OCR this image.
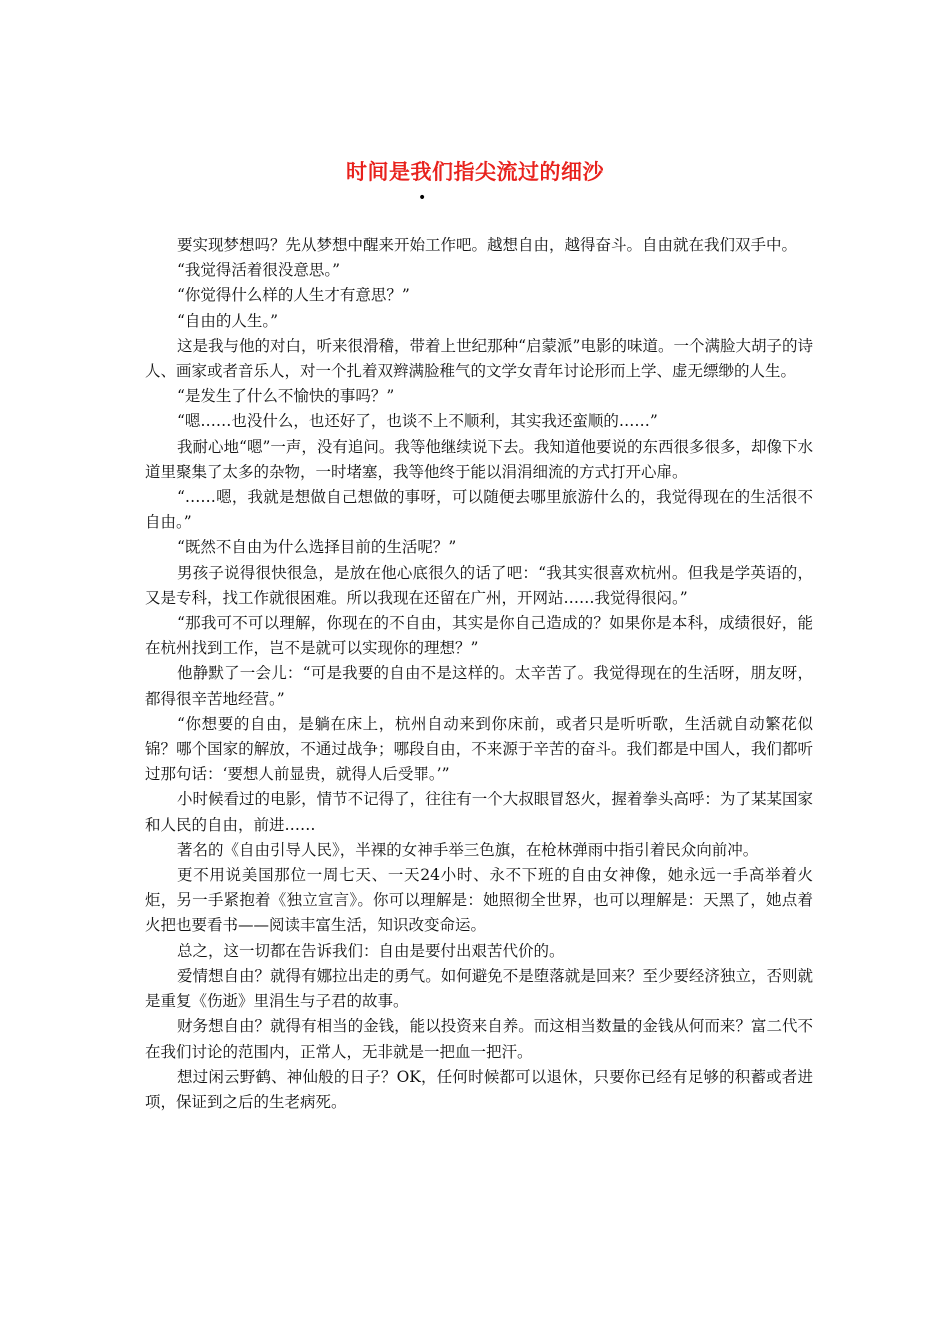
时间是我们指尖流过的细沙
•

要实现梦想吗？先从梦想中醒来开始工作吧。越想自由，越得奋斗。自由就在我们双手中。

“我觉得活着很没意思。”

“你觉得什么样的人生才有意思？”

“自由的人生。”

这是我与他的对白，听来很滑稽，带着上世纪那种“启蒙派”电影的味道。一个满脸大胡子的诗人、画家或者音乐人，对一个扎着双辫满脸稚气的文学女青年讨论形而上学、虚无缥缈的人生。

“是发生了什么不愉快的事吗？”

“嗯……也没什么，也还好了，也谈不上不顺利，其实我还蛮顺的……”

我耐心地“嗯”一声，没有追问。我等他继续说下去。我知道他要说的东西很多很多，却像下水道里聚集了太多的杂物，一时堵塞，我等他终于能以涓涓细流的方式打开心扉。

“……嗯，我就是想做自己想做的事呀，可以随便去哪里旅游什么的，我觉得现在的生活很不自由。”

“既然不自由为什么选择目前的生活呢？”

男孩子说得很快很急，是放在他心底很久的话了吧：“我其实很喜欢杭州。但我是学英语的，又是专科，找工作就很困难。所以我现在还留在广州，开网站……我觉得很闷。”

“那我可不可以理解，你现在的不自由，其实是你自己造成的？如果你是本科，成绩很好，能在杭州找到工作，岂不是就可以实现你的理想？”

他静默了一会儿：“可是我要的自由不是这样的。太辛苦了。我觉得现在的生活呀，朋友呀，都得很辛苦地经营。”

“你想要的自由，是躺在床上，杭州自动来到你床前，或者只是听听歌，生活就自动繁花似锦？哪个国家的解放，不通过战争；哪段自由，不来源于辛苦的奋斗。我们都是中国人，我们都听过那句话：‘要想人前显贵，就得人后受罪。’”

小时候看过的电影，情节不记得了，往往有一个大叔眼冒怒火，握着拳头高呼：为了某某国家和人民的自由，前进……

著名的《自由引导人民》，半裸的女神手举三色旗，在枪林弹雨中指引着民众向前冲。

更不用说美国那位一周七天、一天24小时、永不下班的自由女神像，她永远一手高举着火炬，另一手紧抱着《独立宣言》。你可以理解是：她照彻全世界，也可以理解是：天黑了，她点着火把也要看书——阅读丰富生活，知识改变命运。

总之，这一切都在告诉我们：自由是要付出艰苦代价的。

爱情想自由？就得有娜拉出走的勇气。如何避免不是堕落就是回来？至少要经济独立，否则就是重复《伤逝》里涓生与子君的故事。

财务想自由？就得有相当的金钱，能以投资来自养。而这相当数量的金钱从何而来？富二代不在我们讨论的范围内，正常人，无非就是一把血一把汗。

想过闲云野鹤、神仙般的日子？OK，任何时候都可以退休，只要你已经有足够的积蓄或者进项，保证到之后的生老病死。
